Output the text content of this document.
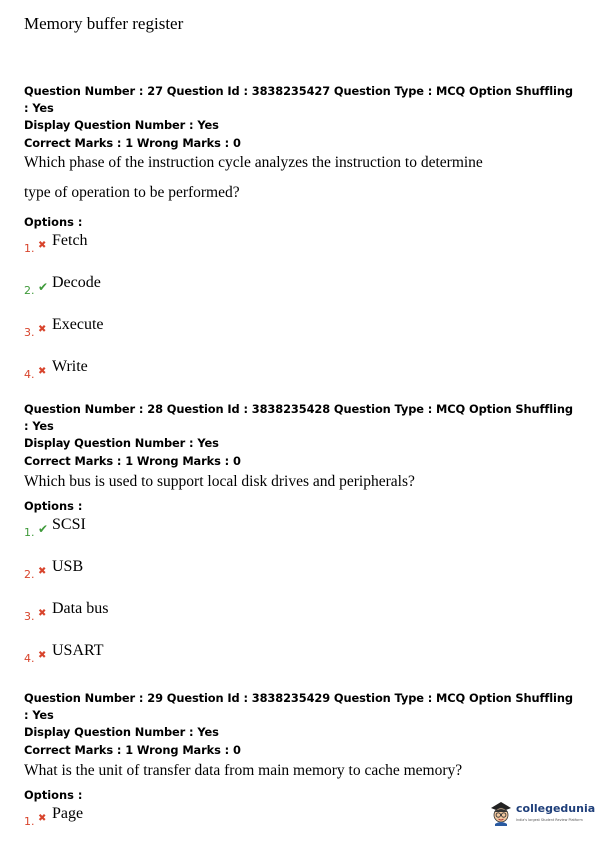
Memory buffer register
Question Number : 27 Question Id : 3838235427 Question Type : MCQ Option Shuffling : Yes
Display Question Number : Yes
Correct Marks : 1 Wrong Marks : 0
Which phase of the instruction cycle analyzes the instruction to determine type of operation to be performed?
Options :
1. ✖ Fetch
2. ✔ Decode
3. ✖ Execute
4. ✖ Write
Question Number : 28 Question Id : 3838235428 Question Type : MCQ Option Shuffling : Yes
Display Question Number : Yes
Correct Marks : 1 Wrong Marks : 0
Which bus is used to support local disk drives and peripherals?
Options :
1. ✔ SCSI
2. ✖ USB
3. ✖ Data bus
4. ✖ USART
Question Number : 29 Question Id : 3838235429 Question Type : MCQ Option Shuffling : Yes
Display Question Number : Yes
Correct Marks : 1 Wrong Marks : 0
What is the unit of transfer data from main memory to cache memory?
Options :
1. ✖ Page	collegedunia
India's largest Student Review Platform
